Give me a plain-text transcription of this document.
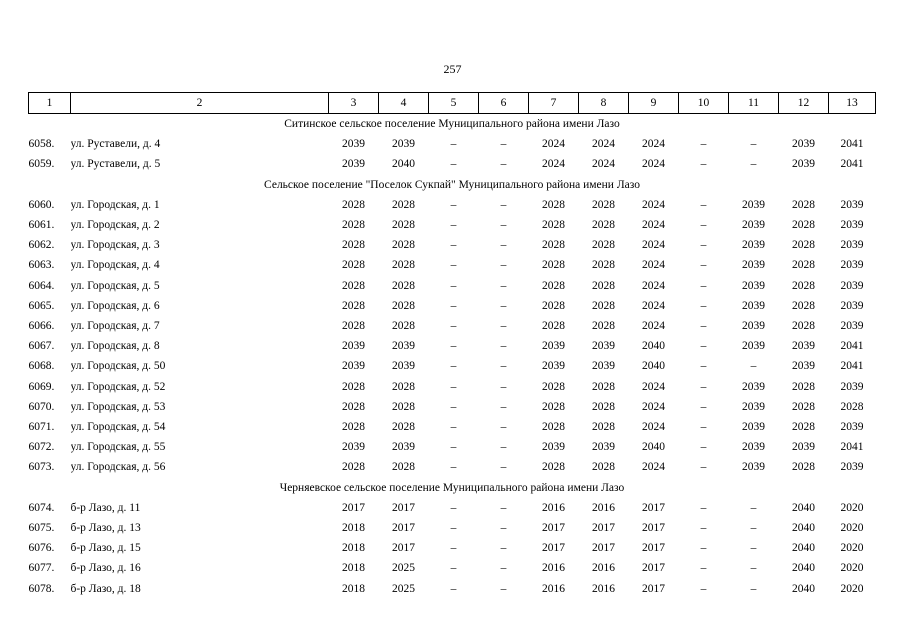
257
1	2	3	4	5	6	7	8	9	10	11	12	13
Ситинское сельское поселение Муниципального района имени Лазо												
6058.	ул. Руставели, д. 4	2039	2039	–	–	2024	2024	2024	–	–	2039	2041
6059.	ул. Руставели, д. 5	2039	2040	–	–	2024	2024	2024	–	–	2039	2041
Сельское поселение "Поселок Сукпай" Муниципального района имени Лазо												
6060.	ул. Городская, д. 1	2028	2028	–	–	2028	2028	2024	–	2039	2028	2039
6061.	ул. Городская, д. 2	2028	2028	–	–	2028	2028	2024	–	2039	2028	2039
6062.	ул. Городская, д. 3	2028	2028	–	–	2028	2028	2024	–	2039	2028	2039
6063.	ул. Городская, д. 4	2028	2028	–	–	2028	2028	2024	–	2039	2028	2039
6064.	ул. Городская, д. 5	2028	2028	–	–	2028	2028	2024	–	2039	2028	2039
6065.	ул. Городская, д. 6	2028	2028	–	–	2028	2028	2024	–	2039	2028	2039
6066.	ул. Городская, д. 7	2028	2028	–	–	2028	2028	2024	–	2039	2028	2039
6067.	ул. Городская, д. 8	2039	2039	–	–	2039	2039	2040	–	2039	2039	2041
6068.	ул. Городская, д. 50	2039	2039	–	–	2039	2039	2040	–	–	2039	2041
6069.	ул. Городская, д. 52	2028	2028	–	–	2028	2028	2024	–	2039	2028	2039
6070.	ул. Городская, д. 53	2028	2028	–	–	2028	2028	2024	–	2039	2028	2028
6071.	ул. Городская, д. 54	2028	2028	–	–	2028	2028	2024	–	2039	2028	2039
6072.	ул. Городская, д. 55	2039	2039	–	–	2039	2039	2040	–	2039	2039	2041
6073.	ул. Городская, д. 56	2028	2028	–	–	2028	2028	2024	–	2039	2028	2039
Черняевское сельское поселение Муниципального района имени Лазо												
6074.	б-р Лазо, д. 11	2017	2017	–	–	2016	2016	2017	–	–	2040	2020
6075.	б-р Лазо, д. 13	2018	2017	–	–	2017	2017	2017	–	–	2040	2020
6076.	б-р Лазо, д. 15	2018	2017	–	–	2017	2017	2017	–	–	2040	2020
6077.	б-р Лазо, д. 16	2018	2025	–	–	2016	2016	2017	–	–	2040	2020
6078.	б-р Лазо, д. 18	2018	2025	–	–	2016	2016	2017	–	–	2040	2020
